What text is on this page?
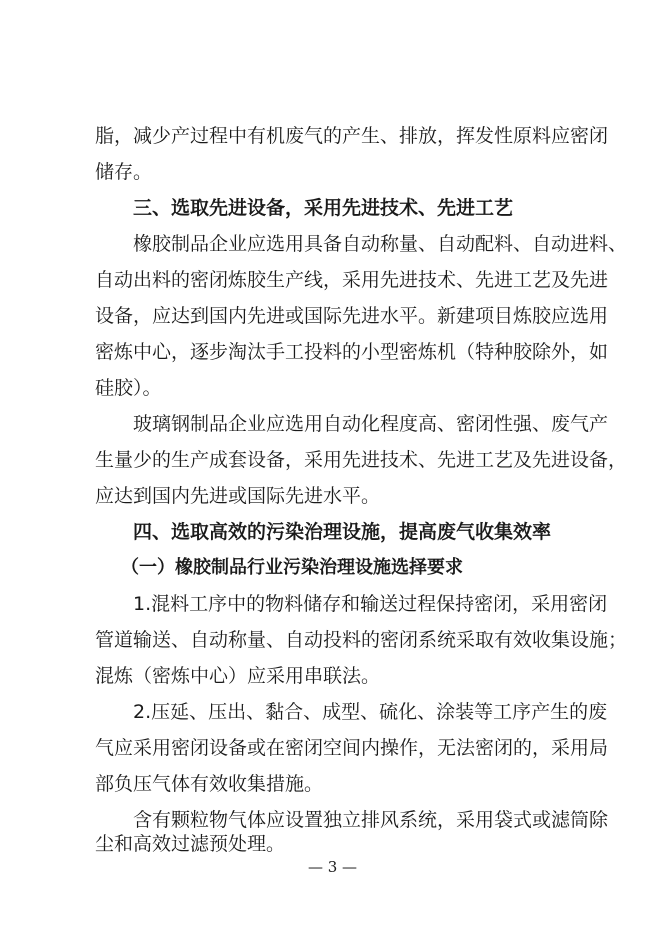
脂，减少产过程中有机废气的产生、排放，挥发性原料应密闭
储存。
三、选取先进设备，采用先进技术、先进工艺
橡胶制品企业应选用具备自动称量、自动配料、自动进料、
自动出料的密闭炼胶生产线，采用先进技术、先进工艺及先进
设备，应达到国内先进或国际先进水平。新建项目炼胶应选用
密炼中心，逐步淘汰手工投料的小型密炼机（特种胶除外，如
硅胶）。
玻璃钢制品企业应选用自动化程度高、密闭性强、废气产
生量少的生产成套设备，采用先进技术、先进工艺及先进设备，
应达到国内先进或国际先进水平。
四、选取高效的污染治理设施，提高废气收集效率
（一）橡胶制品行业污染治理设施选择要求
1.混料工序中的物料储存和输送过程保持密闭，采用密闭
管道输送、自动称量、自动投料的密闭系统采取有效收集设施；
混炼（密炼中心）应采用串联法。
2.压延、压出、黏合、成型、硫化、涂装等工序产生的废
气应采用密闭设备或在密闭空间内操作，无法密闭的，采用局
部负压气体有效收集措施。
含有颗粒物气体应设置独立排风系统，采用袋式或滤筒除
尘和高效过滤预处理。
— 3 —
